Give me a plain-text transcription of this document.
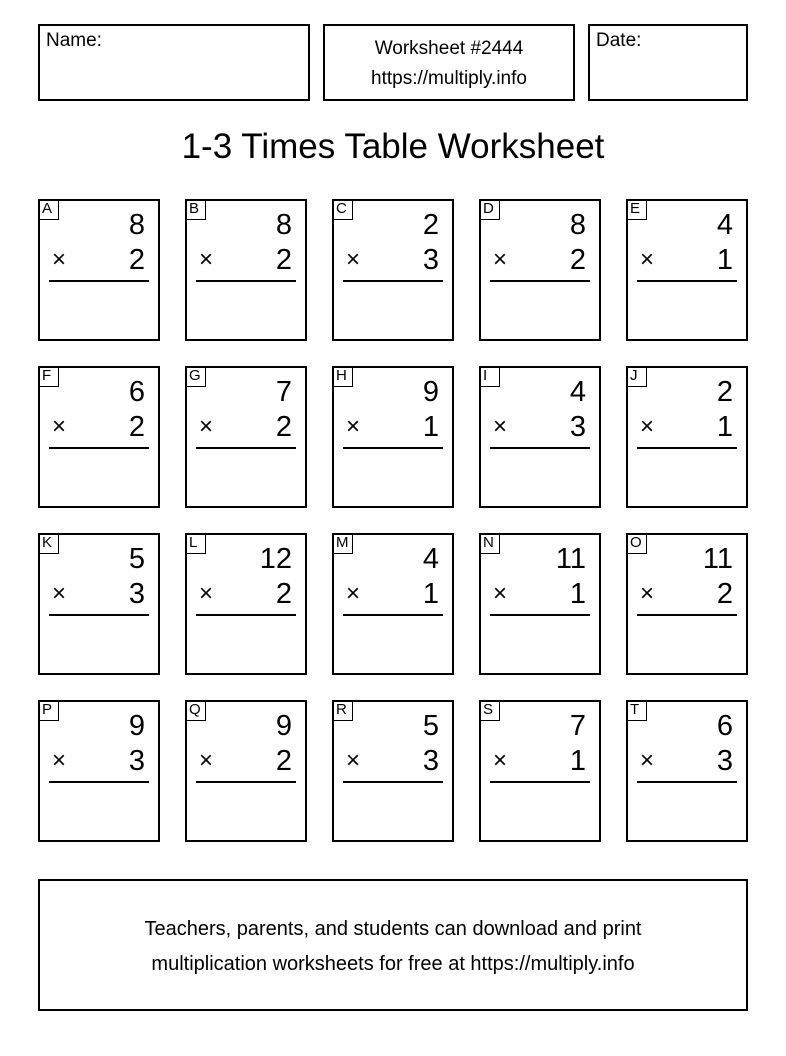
Name:	Worksheet #2444
https://multiply.info
Date:
1-3 Times Table Worksheet
A
8
× 2
B
8
× 2
C
2
× 3
D
8
× 2
E
4
× 1
F
6
× 2
G
7
× 2
H
9
× 1
I
4
× 3
J
2
× 1
K
5
× 3
L
12
× 2
M
4
× 1
N
11
× 1
O
11
× 2
P
9
× 3
Q
9
× 2
R
5
× 3
S
7
× 1
T
6
× 3
Teachers, parents, and students can download and print
multiplication worksheets for free at https://multiply.info
